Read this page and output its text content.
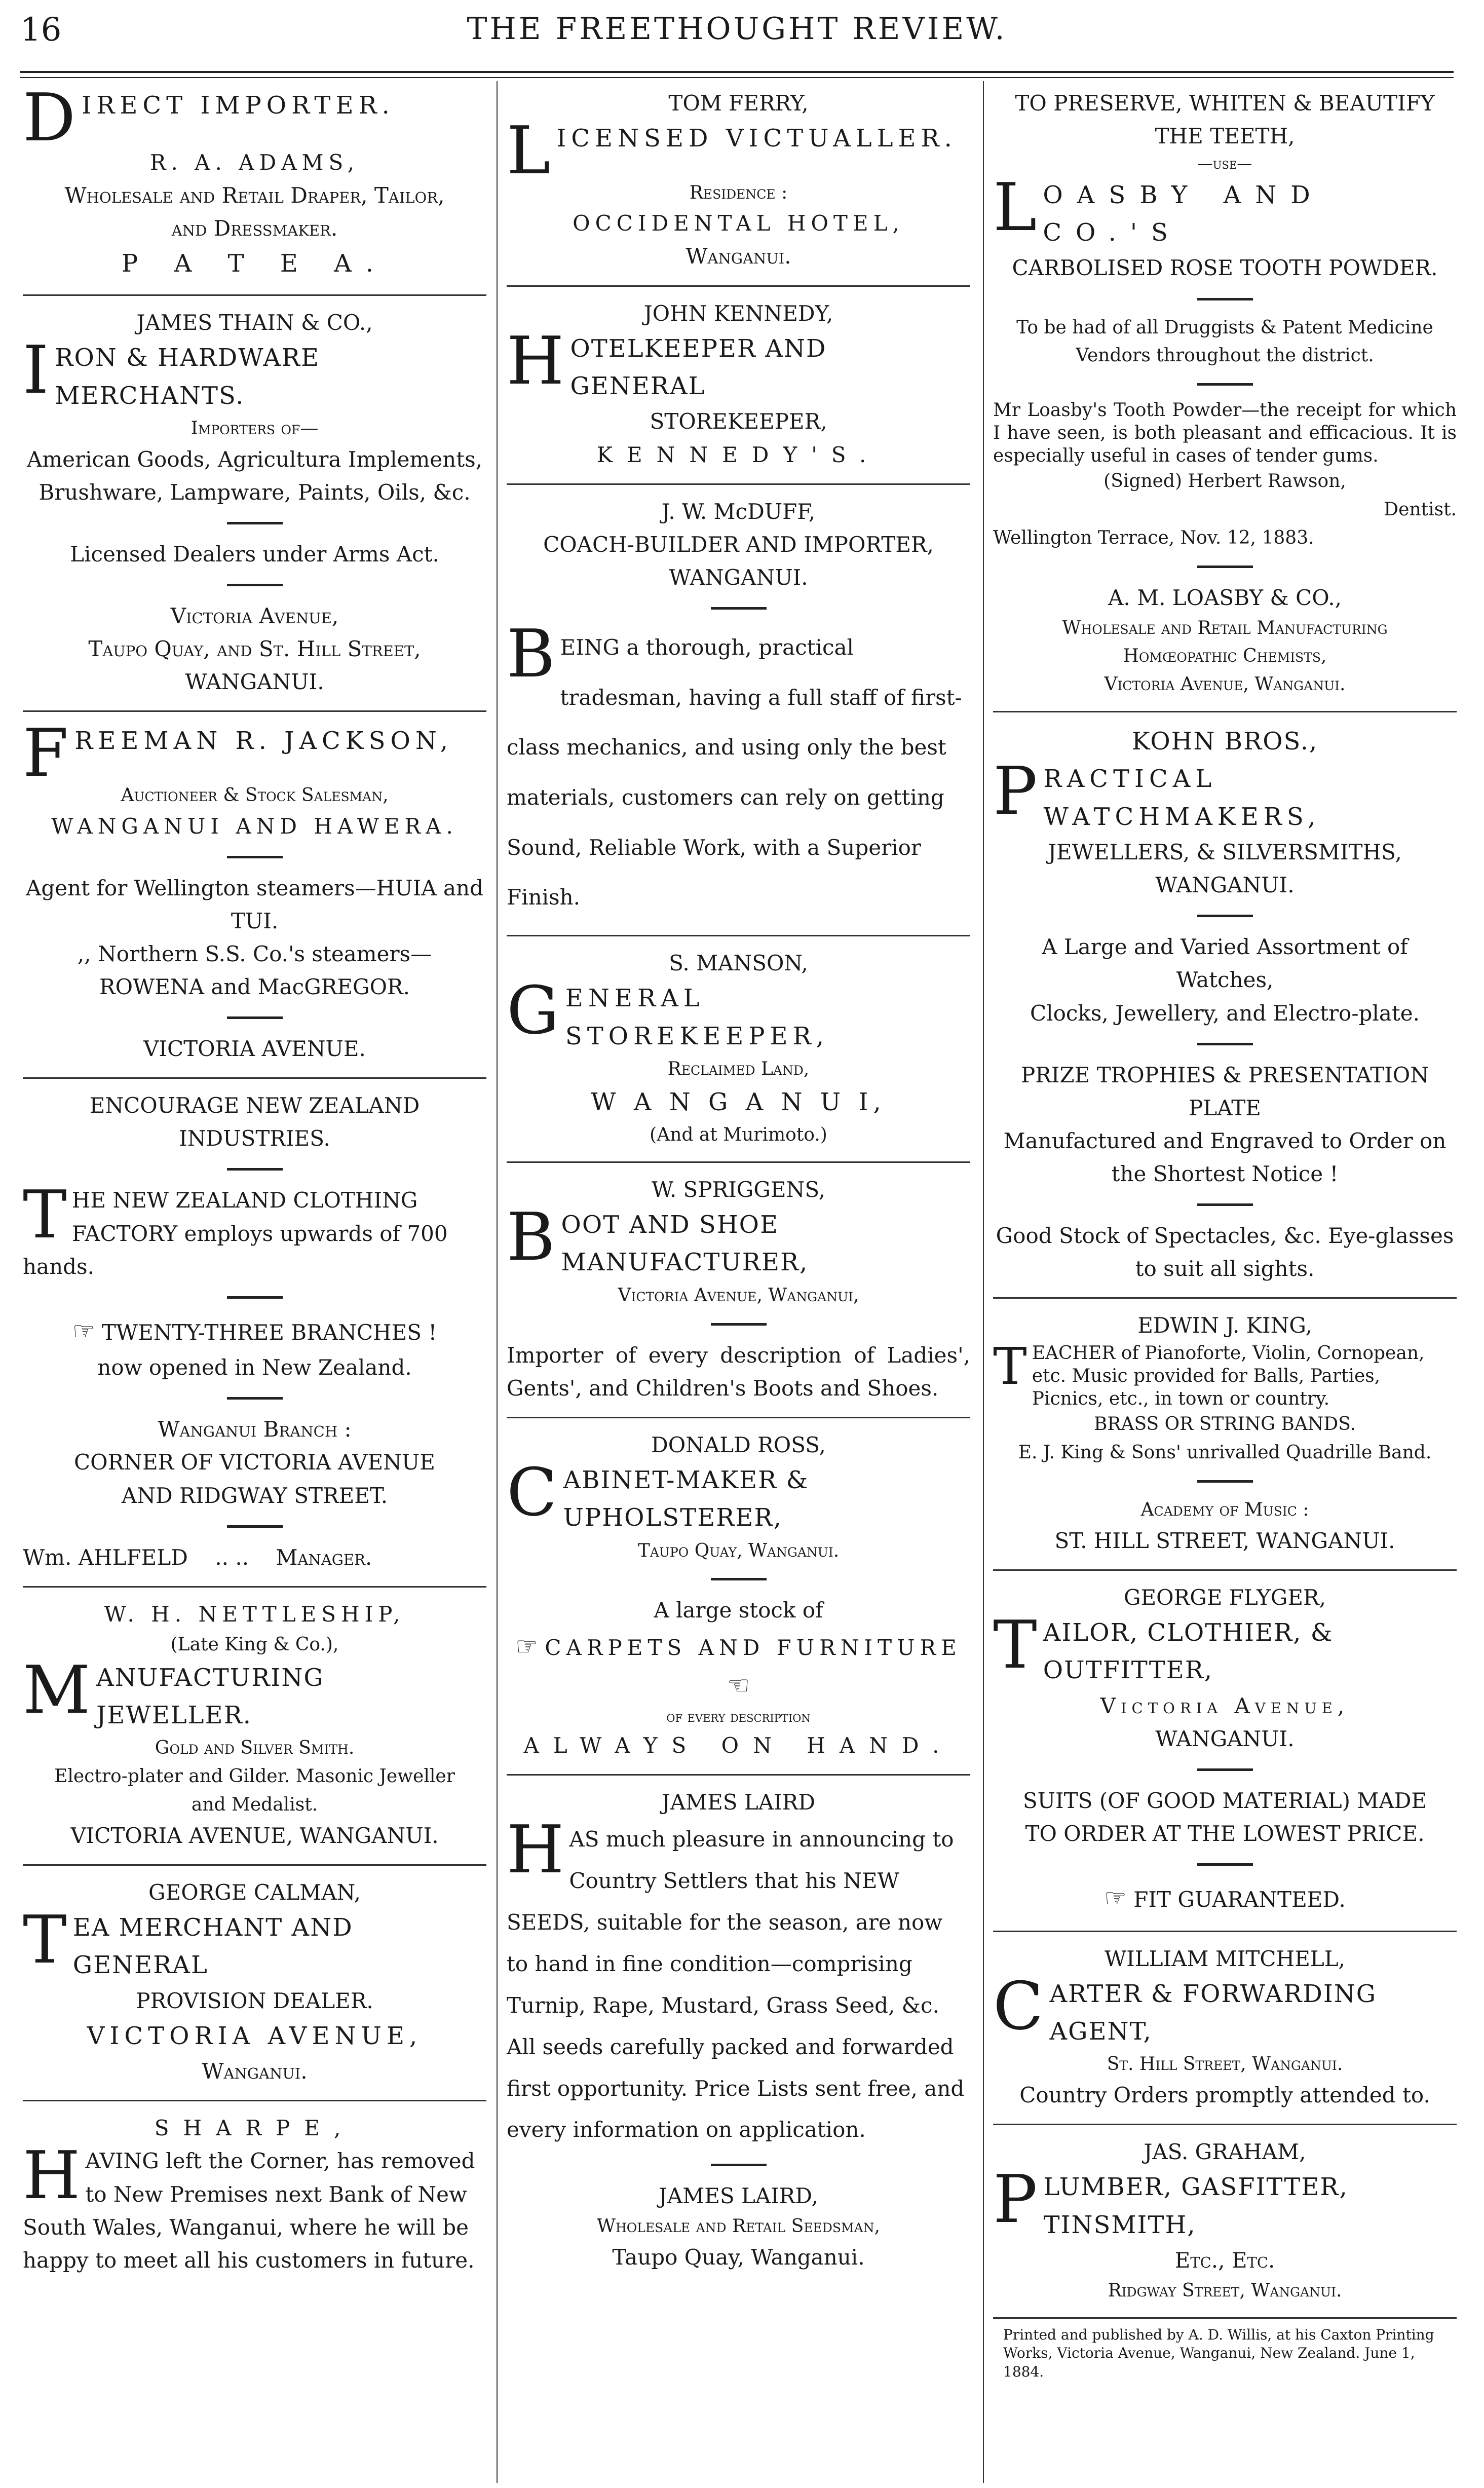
16	THE FREETHOUGHT REVIEW.
DIRECT IMPORTER.
R. A. ADAMS,
Wholesale and Retail Draper, Tailor,
and Dressmaker.
P A T E A.
JAMES THAIN & CO.,
IRON & HARDWARE MERCHANTS.
Importers of—
American Goods, Agricultura Implements,
Brushware, Lampware, Paints, Oils, &c.
Licensed Dealers under Arms Act.
Victoria Avenue,
Taupo Quay, and St. Hill Street,
WANGANUI.
FREEMAN R. JACKSON,
Auctioneer & Stock Salesman,
WANGANUI AND HAWERA.
Agent for Wellington steamers—HUIA and
TUI.
,, Northern S.S. Co.'s steamers—
ROWENA and MacGREGOR.
VICTORIA AVENUE.
ENCOURAGE NEW ZEALAND
INDUSTRIES.
THE NEW ZEALAND CLOTHING
FACTORY employs upwards of 700 hands.
☞ TWENTY-THREE BRANCHES !
now opened in New Zealand.
Wanganui Branch :
CORNER OF VICTORIA AVENUE
AND RIDGWAY STREET.
Wm. AHLFELD .. .. Manager.
W. H. NETTLESHIP,
(Late King & Co.),
MANUFACTURING JEWELLER.
Gold and Silver Smith.
Electro-plater and Gilder. Masonic Jeweller
and Medalist.
VICTORIA AVENUE, WANGANUI.
GEORGE CALMAN,
TEA MERCHANT AND GENERAL
PROVISION DEALER.
VICTORIA AVENUE,
Wanganui.
SHARPE,
HAVING left the Corner, has removed to New Premises next Bank of New South Wales, Wanganui, where he will be happy to meet all his customers in future.
TOM FERRY,
LICENSED VICTUALLER.
Residence :
OCCIDENTAL HOTEL,
Wanganui.
JOHN KENNEDY,
HOTELKEEPER AND GENERAL
STOREKEEPER,
KENNEDY'S.
J. W. McDUFF,
COACH-BUILDER AND IMPORTER,
WANGANUI.
BEING a thorough, practical tradesman, having a full staff of first-class mechanics, and using only the best materials, customers can rely on getting Sound, Reliable Work, with a Superior Finish.
S. MANSON,
GENERAL STOREKEEPER,
Reclaimed Land,
W A N G A N U I,
(And at Murimoto.)
W. SPRIGGENS,
BOOT AND SHOE MANUFACTURER,
Victoria Avenue, Wanganui,
Importer of every description of Ladies', Gents', and Children's Boots and Shoes.
DONALD ROSS,
CABINET-MAKER & UPHOLSTERER,
Taupo Quay, Wanganui.
A large stock of
☞ CARPETS AND FURNITURE ☜
of every description
ALWAYS ON HAND.
JAMES LAIRD
HAS much pleasure in announcing to Country Settlers that his NEW SEEDS, suitable for the season, are now to hand in fine condition—comprising Turnip, Rape, Mustard, Grass Seed, &c. All seeds carefully packed and forwarded first opportunity. Price Lists sent free, and every information on application.
JAMES LAIRD,
Wholesale and Retail Seedsman,
Taupo Quay, Wanganui.
TO PRESERVE, WHITEN & BEAUTIFY
THE TEETH,
—use—
LOASBY AND CO.'S
CARBOLISED ROSE TOOTH POWDER.
To be had of all Druggists & Patent Medicine
Vendors throughout the district.
Mr Loasby's Tooth Powder—the receipt for which I have seen, is both pleasant and efficacious. It is especially useful in cases of tender gums.
(Signed) Herbert Rawson,
Dentist.
Wellington Terrace, Nov. 12, 1883.
A. M. LOASBY & CO.,
Wholesale and Retail Manufacturing
Homœopathic Chemists,
Victoria Avenue, Wanganui.
KOHN BROS.,
PRACTICAL WATCHMAKERS,
JEWELLERS, & SILVERSMITHS,
WANGANUI.
A Large and Varied Assortment of Watches,
Clocks, Jewellery, and Electro-plate.
PRIZE TROPHIES & PRESENTATION
PLATE
Manufactured and Engraved to Order on
the Shortest Notice !
Good Stock of Spectacles, &c. Eye-glasses
to suit all sights.
EDWIN J. KING,
TEACHER of Pianoforte, Violin, Cornopean, etc. Music provided for Balls, Parties, Picnics, etc., in town or country.
BRASS OR STRING BANDS.
E. J. King & Sons' unrivalled Quadrille Band.
Academy of Music :
ST. HILL STREET, WANGANUI.
GEORGE FLYGER,
TAILOR, CLOTHIER, & OUTFITTER,
Victoria Avenue,
WANGANUI.
SUITS (OF GOOD MATERIAL) MADE
TO ORDER AT THE LOWEST PRICE.
☞ FIT GUARANTEED.
WILLIAM MITCHELL,
CARTER & FORWARDING AGENT,
St. Hill Street, Wanganui.
Country Orders promptly attended to.
JAS. GRAHAM,
PLUMBER, GASFITTER, TINSMITH,
Etc., Etc.
Ridgway Street, Wanganui.
Printed and published by A. D. Willis, at his Caxton Printing Works, Victoria Avenue, Wanganui, New Zealand. June 1, 1884.
